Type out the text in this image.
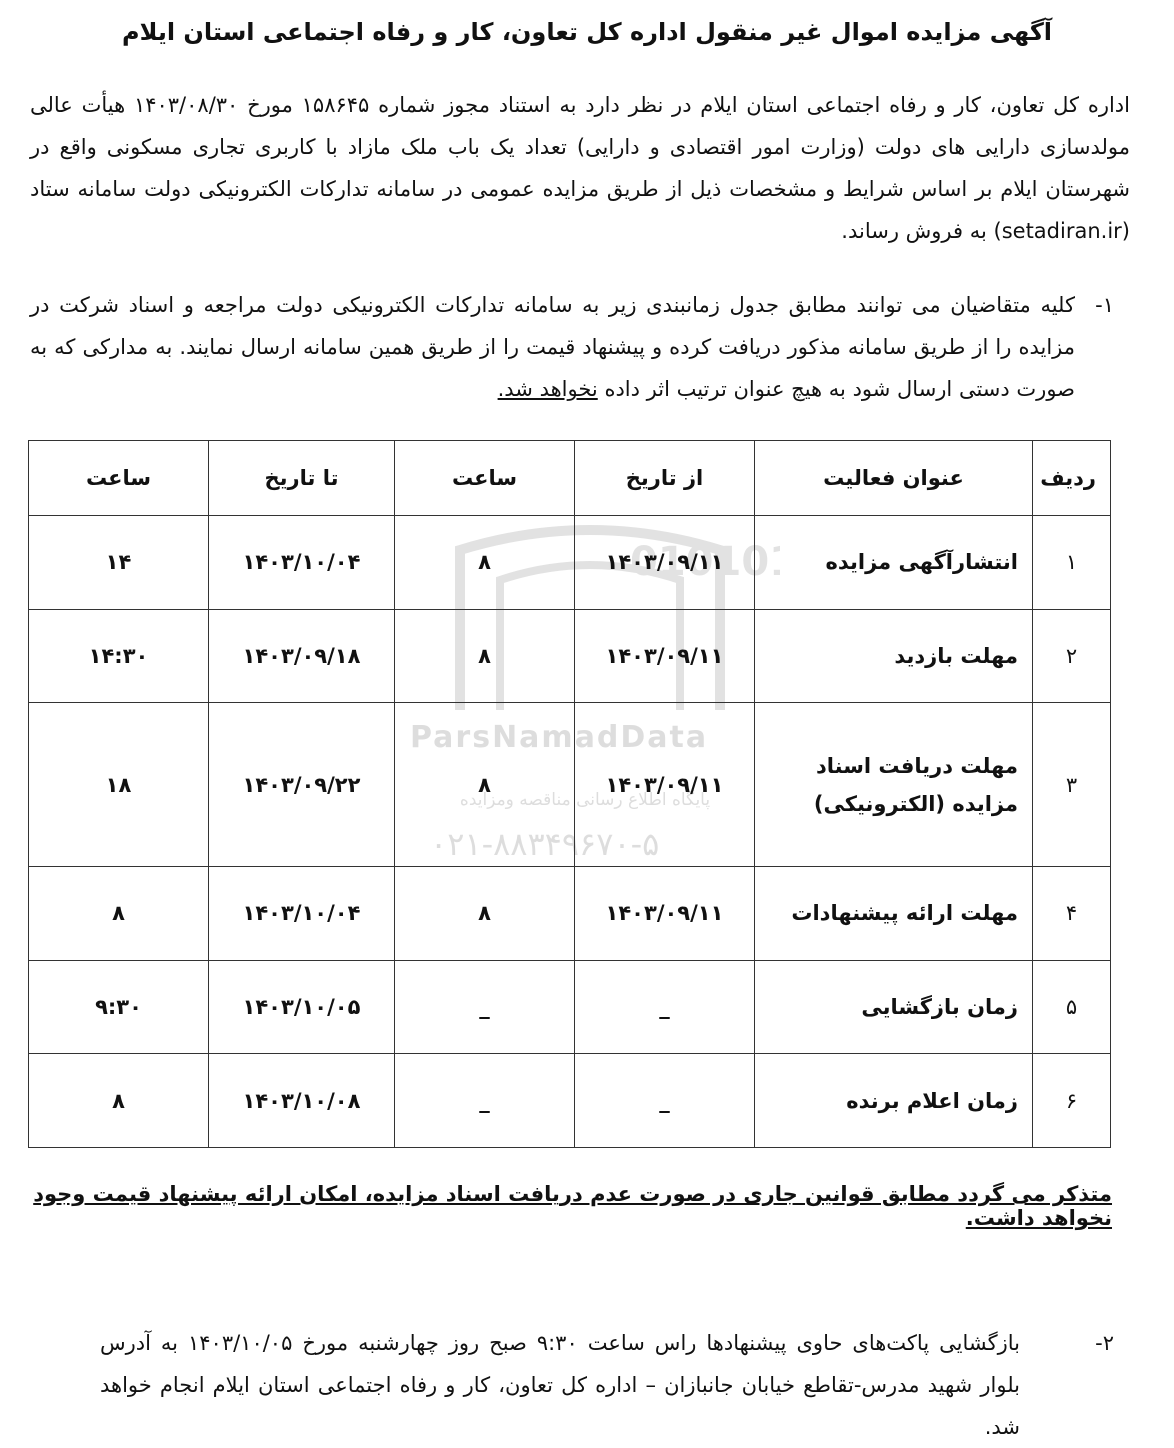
01010
ParsNamadData
پایگاه اطلاع رسانی مناقصه ومزایده
۰۲۱-۸۸۳۴۹۶۷۰-۵
آگهی مزایده اموال غیر منقول اداره کل تعاون، کار و رفاه اجتماعی استان ایلام
اداره کل تعاون، کار و رفاه اجتماعی استان ایلام در نظر دارد به استناد مجوز شماره ۱۵۸۶۴۵ مورخ ۱۴۰۳/۰۸/۳۰ هیأت عالی مولدسازی دارایی های دولت (وزارت امور اقتصادی و دارایی) تعداد یک باب ملک مازاد با کاربری تجاری مسکونی واقع در شهرستان ایلام بر اساس شرایط و مشخصات ذیل از طریق مزایده عمومی در سامانه تدارکات الکترونیکی دولت سامانه ستاد (setadiran.ir) به فروش رساند.
۱-
کلیه متقاضیان می توانند مطابق جدول زمانبندی زیر به سامانه تدارکات الکترونیکی دولت مراجعه و اسناد شرکت در مزایده را از طریق سامانه مذکور دریافت کرده و پیشنهاد قیمت را از طریق همین سامانه ارسال نمایند. به مدارکی که به صورت دستی ارسال شود به هیچ عنوان ترتیب اثر داده نخواهد شد.
ردیف	عنوان فعالیت	از تاریخ	ساعت	تا تاریخ	ساعت
۱	انتشارآگهی مزایده	۱۴۰۳/۰۹/۱۱	۸	۱۴۰۳/۱۰/۰۴	۱۴
۲	مهلت بازدید	۱۴۰۳/۰۹/۱۱	۸	۱۴۰۳/۰۹/۱۸	۱۴:۳۰
۳	مهلت دریافت اسناد مزایده (الکترونیکی)	۱۴۰۳/۰۹/۱۱	۸	۱۴۰۳/۰۹/۲۲	۱۸
۴	مهلت ارائه پیشنهادات	۱۴۰۳/۰۹/۱۱	۸	۱۴۰۳/۱۰/۰۴	۸
۵	زمان بازگشایی	_	_	۱۴۰۳/۱۰/۰۵	۹:۳۰
۶	زمان اعلام برنده	_	_	۱۴۰۳/۱۰/۰۸	۸
متذکر می گردد مطابق قوانین جاری در صورت عدم دریافت اسناد مزایده، امکان ارائه پیشنهاد قیمت وجود نخواهد داشت.
۲-
بازگشایی پاکت‌های حاوی پیشنهادها راس ساعت ۹:۳۰ صبح روز چهارشنبه مورخ ۱۴۰۳/۱۰/۰۵ به آدرس بلوار شهید مدرس-تقاطع خیابان جانبازان – اداره کل تعاون، کار و رفاه اجتماعی استان ایلام انجام خواهد شد.
